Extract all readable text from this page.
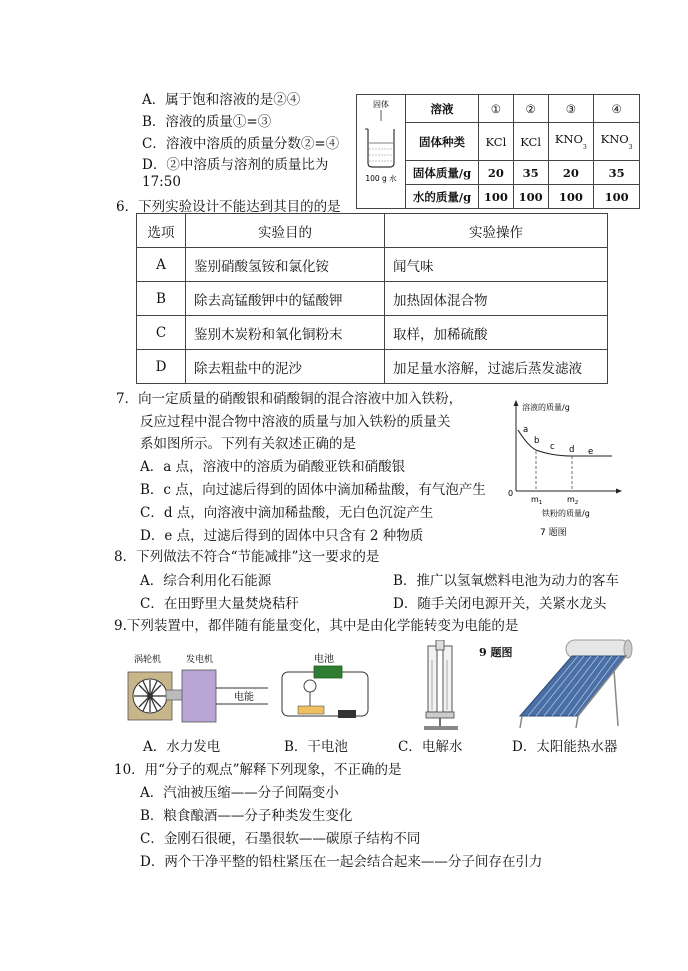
A．属于饱和溶液的是②④
B．溶液的质量①=③
C．溶液中溶质的质量分数②=④
D．②中溶质与溶剂的质量比为
17:50
固体
100 g 水	溶液	①	②	③	④
	固体种类	KCl	KCl	$KNO_3$	$KNO_3$
	固体质量/g	20	35	20	35
	水的质量/g	100	100	100	100
6．下列实验设计不能达到其目的的是
选项	实验目的	实验操作
A	鉴别硝酸氢铵和氯化铵	闻气味
B	除去高锰酸钾中的锰酸钾	加热固体混合物
C	鉴别木炭粉和氧化铜粉末	取样，加稀硫酸
D	除去粗盐中的泥沙	加足量水溶解，过滤后蒸发滤液
7．向一定质量的硝酸银和硝酸铜的混合溶液中加入铁粉，
反应过程中混合物中溶液的质量与加入铁粉的质量关
系如图所示。下列有关叙述正确的是
A．a 点，溶液中的溶质为硝酸亚铁和硝酸银
B．c 点，向过滤后得到的固体中滴加稀盐酸，有气泡产生
C．d 点，向溶液中滴加稀盐酸，无白色沉淀产生
D．e 点，过滤后得到的固体中只含有 2 种物质
溶液的质量/g
铁粉的质量/g
0
a
b
c d e
$m_1$	$m_2$
7 题图
8．下列做法不符合“节能减排”这一要求的是
A．综合利用化石能源	B．推广以氢氧燃料电池为动力的客车
C．在田野里大量焚烧秸秆	D．随手关闭电源开关，关紧水龙头
9.下列装置中，都伴随有能量变化，其中是由化学能转变为电能的是
涡轮机	发电机
电能
电池
9 题图
A．水力发电	B．干电池	C．电解水	D．太阳能热水器
10．用“分子的观点”解释下列现象，不正确的是
A．汽油被压缩——分子间隔变小
B．粮食酿酒——分子种类发生变化
C．金刚石很硬，石墨很软——碳原子结构不同
D．两个干净平整的铅柱紧压在一起会结合起来——分子间存在引力
